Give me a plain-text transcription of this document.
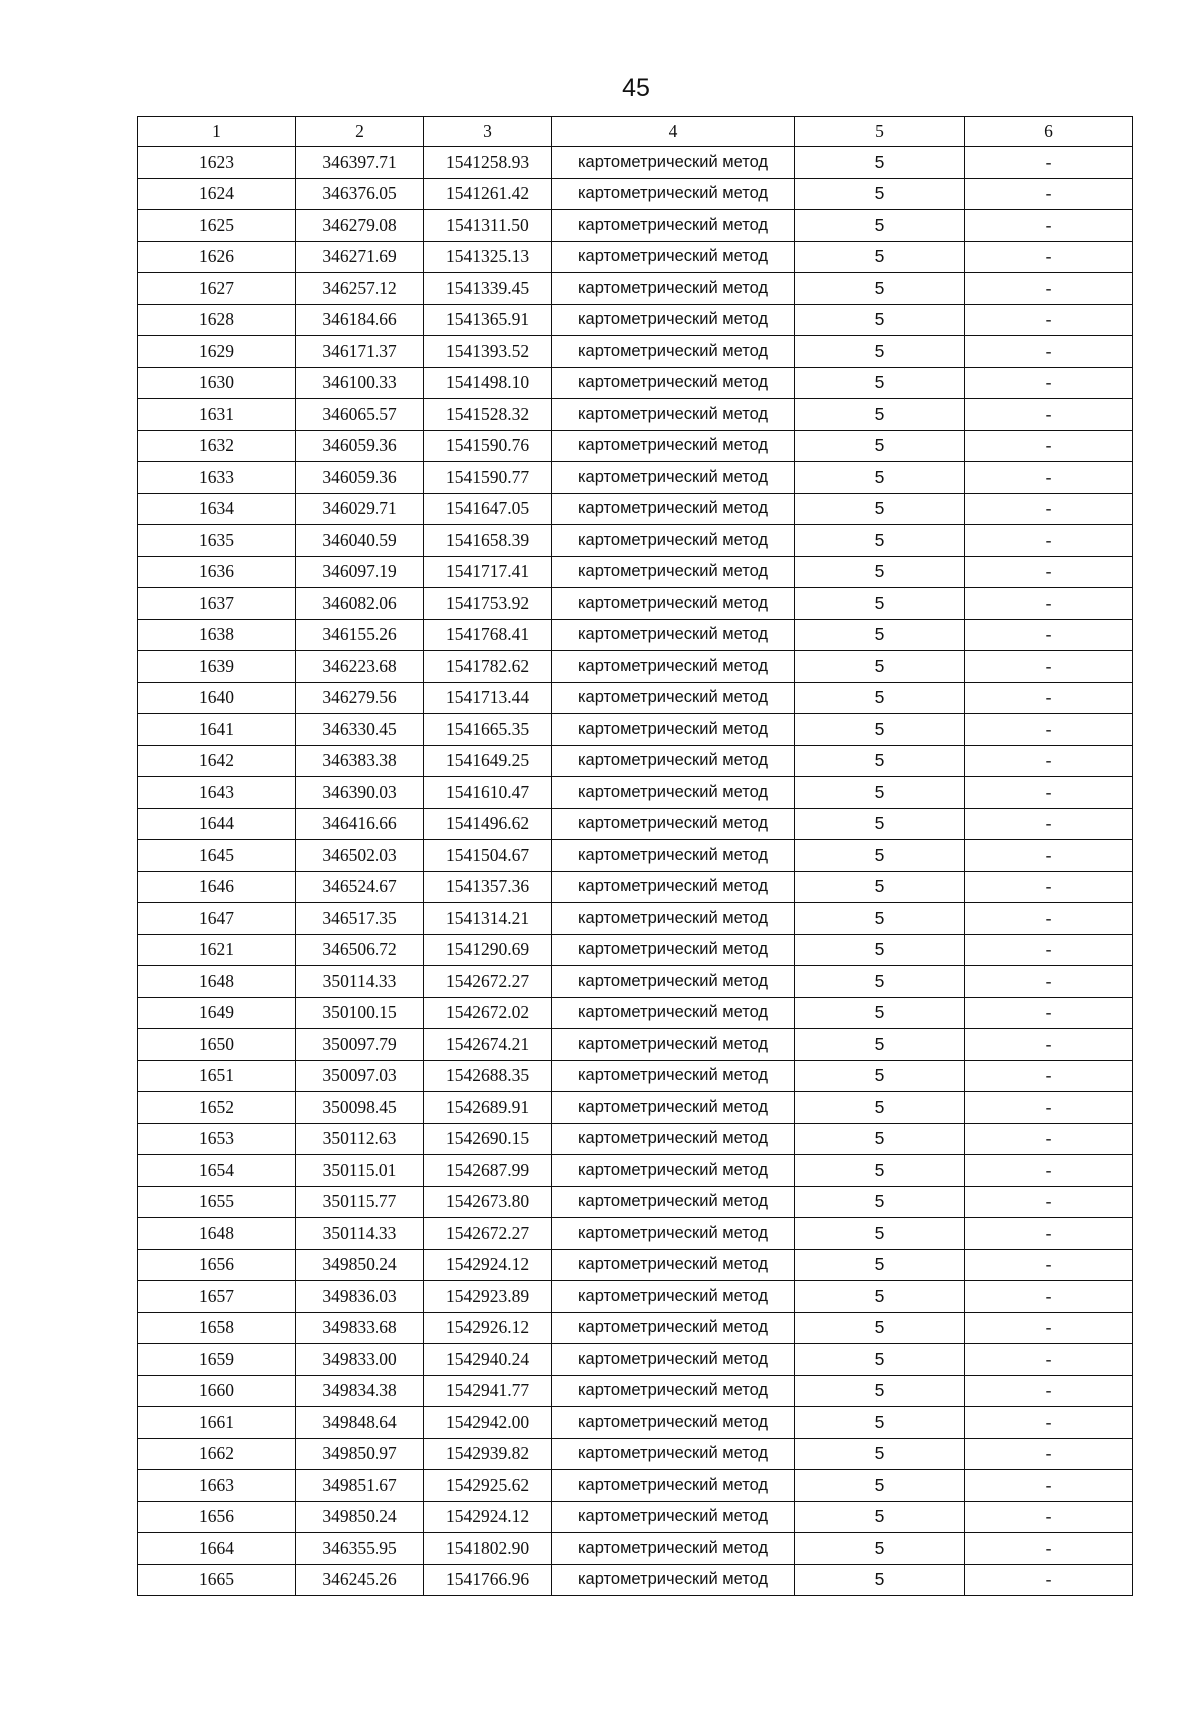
45
1	2	3	4	5	6
1623	346397.71	1541258.93	картометрический метод	5	-
1624	346376.05	1541261.42	картометрический метод	5	-
1625	346279.08	1541311.50	картометрический метод	5	-
1626	346271.69	1541325.13	картометрический метод	5	-
1627	346257.12	1541339.45	картометрический метод	5	-
1628	346184.66	1541365.91	картометрический метод	5	-
1629	346171.37	1541393.52	картометрический метод	5	-
1630	346100.33	1541498.10	картометрический метод	5	-
1631	346065.57	1541528.32	картометрический метод	5	-
1632	346059.36	1541590.76	картометрический метод	5	-
1633	346059.36	1541590.77	картометрический метод	5	-
1634	346029.71	1541647.05	картометрический метод	5	-
1635	346040.59	1541658.39	картометрический метод	5	-
1636	346097.19	1541717.41	картометрический метод	5	-
1637	346082.06	1541753.92	картометрический метод	5	-
1638	346155.26	1541768.41	картометрический метод	5	-
1639	346223.68	1541782.62	картометрический метод	5	-
1640	346279.56	1541713.44	картометрический метод	5	-
1641	346330.45	1541665.35	картометрический метод	5	-
1642	346383.38	1541649.25	картометрический метод	5	-
1643	346390.03	1541610.47	картометрический метод	5	-
1644	346416.66	1541496.62	картометрический метод	5	-
1645	346502.03	1541504.67	картометрический метод	5	-
1646	346524.67	1541357.36	картометрический метод	5	-
1647	346517.35	1541314.21	картометрический метод	5	-
1621	346506.72	1541290.69	картометрический метод	5	-
1648	350114.33	1542672.27	картометрический метод	5	-
1649	350100.15	1542672.02	картометрический метод	5	-
1650	350097.79	1542674.21	картометрический метод	5	-
1651	350097.03	1542688.35	картометрический метод	5	-
1652	350098.45	1542689.91	картометрический метод	5	-
1653	350112.63	1542690.15	картометрический метод	5	-
1654	350115.01	1542687.99	картометрический метод	5	-
1655	350115.77	1542673.80	картометрический метод	5	-
1648	350114.33	1542672.27	картометрический метод	5	-
1656	349850.24	1542924.12	картометрический метод	5	-
1657	349836.03	1542923.89	картометрический метод	5	-
1658	349833.68	1542926.12	картометрический метод	5	-
1659	349833.00	1542940.24	картометрический метод	5	-
1660	349834.38	1542941.77	картометрический метод	5	-
1661	349848.64	1542942.00	картометрический метод	5	-
1662	349850.97	1542939.82	картометрический метод	5	-
1663	349851.67	1542925.62	картометрический метод	5	-
1656	349850.24	1542924.12	картометрический метод	5	-
1664	346355.95	1541802.90	картометрический метод	5	-
1665	346245.26	1541766.96	картометрический метод	5	-
